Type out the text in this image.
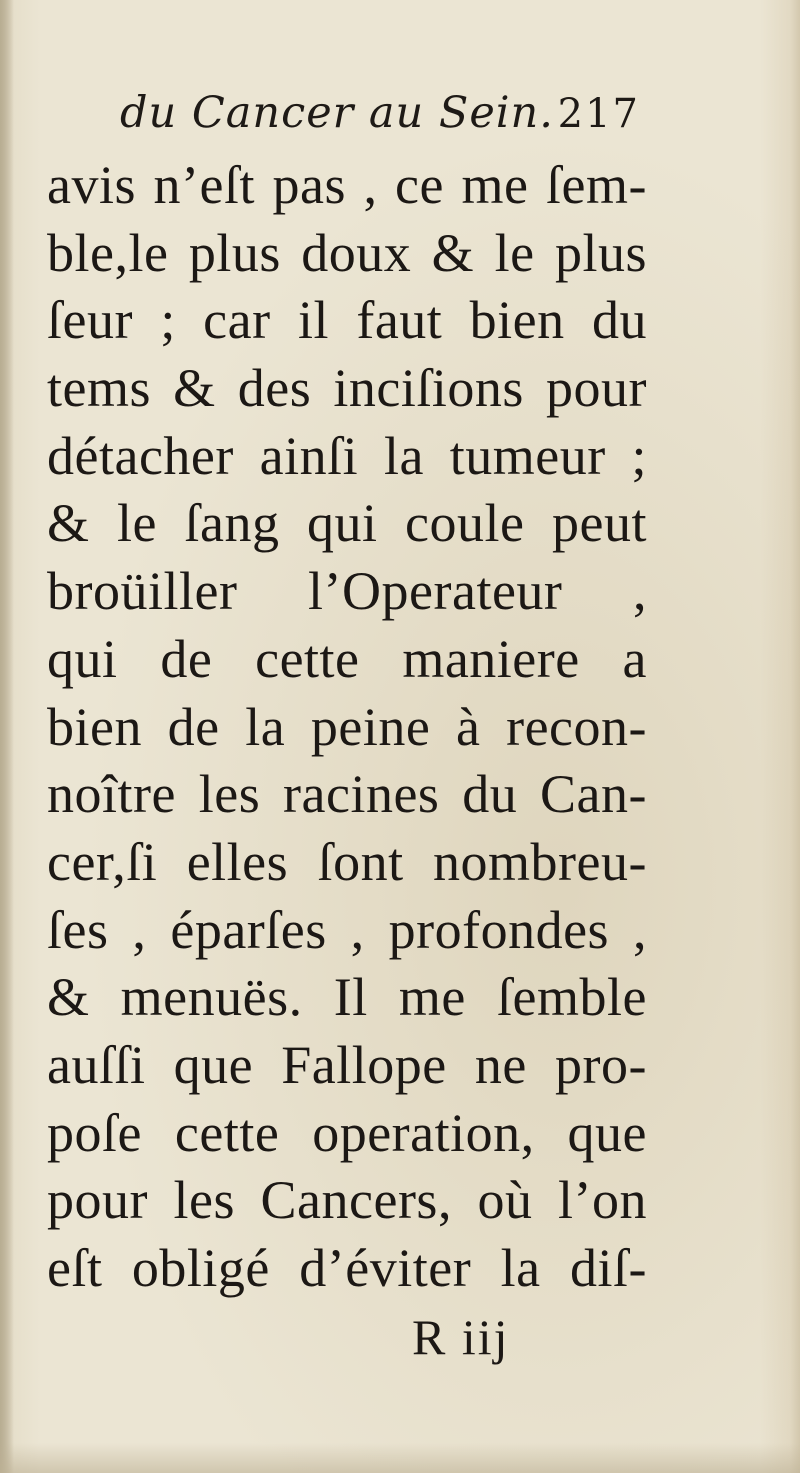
du Cancer au Sein. 217
avis n’eſt pas , ce me ſem-
ble,le plus doux & le plus
ſeur ; car il faut bien du
tems & des inciſions pour
détacher ainſi la tumeur ;
& le ſang qui coule peut
broüiller l’Operateur ,
qui de cette maniere a
bien de la peine à recon-
noître les racines du Can-
cer,ſi elles ſont nombreu-
ſes , éparſes , profondes ,
& menuës. Il me ſemble
auſſi que Fallope ne pro-
poſe cette operation, que
pour les Cancers, où l’on
eſt obligé d’éviter la diſ-
R iij
